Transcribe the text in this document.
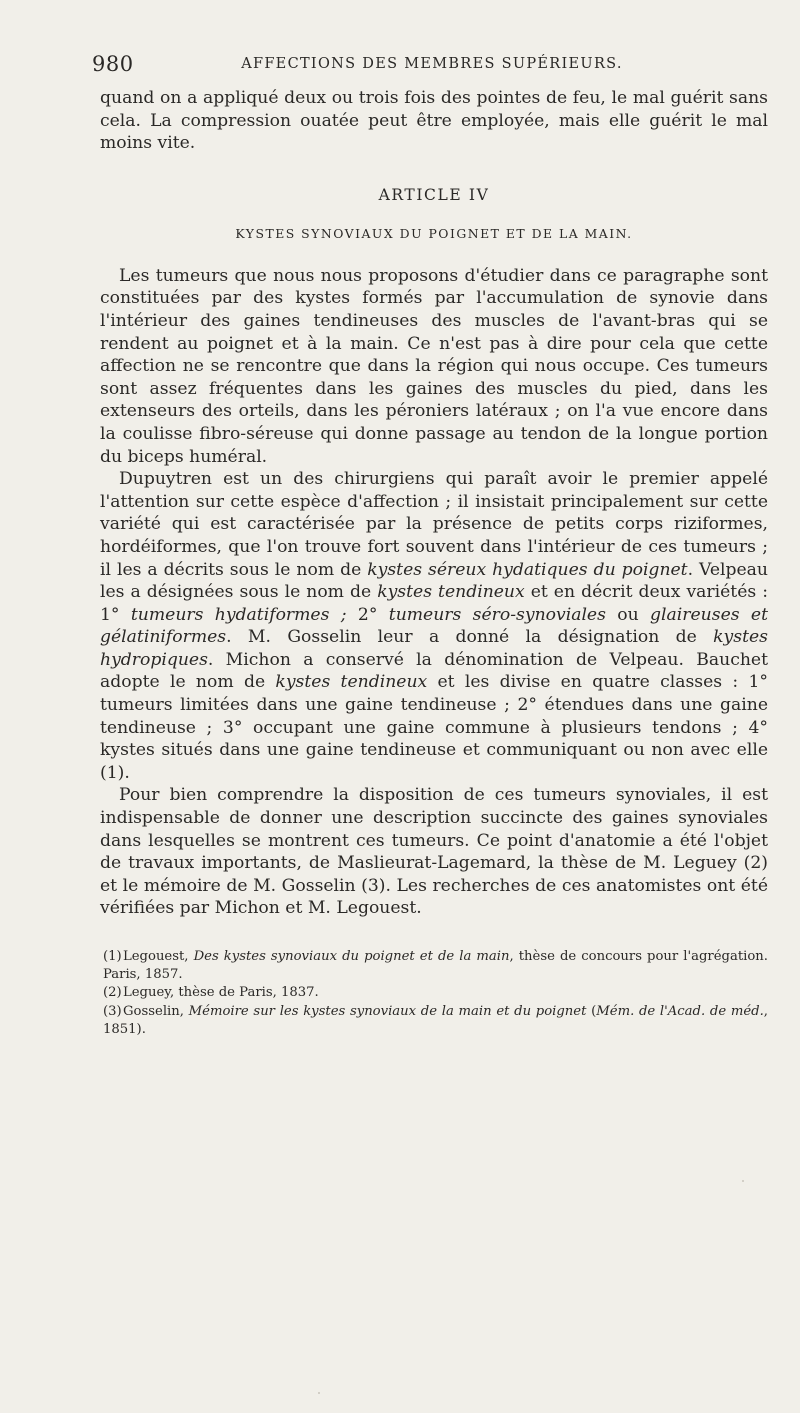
980	AFFECTIONS DES MEMBRES SUPÉRIEURS.

quand on a appliqué deux ou trois fois des pointes de feu, le mal guérit sans cela. La compression ouatée peut être employée, mais elle guérit le mal moins vite.

ARTICLE IV

KYSTES SYNOVIAUX DU POIGNET ET DE LA MAIN.

Les tumeurs que nous nous proposons d'étudier dans ce paragraphe sont constituées par des kystes formés par l'accumulation de synovie dans l'intérieur des gaines tendineuses des muscles de l'avant-bras qui se rendent au poignet et à la main. Ce n'est pas à dire pour cela que cette affection ne se rencontre que dans la région qui nous occupe. Ces tumeurs sont assez fréquentes dans les gaines des muscles du pied, dans les extenseurs des orteils, dans les péroniers latéraux ; on l'a vue encore dans la coulisse fibro-séreuse qui donne passage au tendon de la longue portion du biceps huméral.

Dupuytren est un des chirurgiens qui paraît avoir le premier appelé l'attention sur cette espèce d'affection ; il insistait principalement sur cette variété qui est caractérisée par la présence de petits corps riziformes, hordéiformes, que l'on trouve fort souvent dans l'intérieur de ces tumeurs ; il les a décrits sous le nom de kystes séreux hydatiques du poignet. Velpeau les a désignées sous le nom de kystes tendineux et en décrit deux variétés : 1° tumeurs hydatiformes ; 2° tumeurs séro-synoviales ou glaireuses et gélatiniformes. M. Gosselin leur a donné la désignation de kystes hydropiques. Michon a conservé la dénomination de Velpeau. Bauchet adopte le nom de kystes tendineux et les divise en quatre classes : 1° tumeurs limitées dans une gaine tendineuse ; 2° étendues dans une gaine tendineuse ; 3° occupant une gaine commune à plusieurs tendons ; 4° kystes situés dans une gaine tendineuse et communiquant ou non avec elle (1).

Pour bien comprendre la disposition de ces tumeurs synoviales, il est indispensable de donner une description succincte des gaines synoviales dans lesquelles se montrent ces tumeurs. Ce point d'anatomie a été l'objet de travaux importants, de Maslieurat-Lagemard, la thèse de M. Leguey (2) et le mémoire de M. Gosselin (3). Les recherches de ces anatomistes ont été vérifiées par Michon et M. Legouest.

(1)Legouest, Des kystes synoviaux du poignet et de la main, thèse de concours pour l'agrégation. Paris, 1857.

(2)Leguey, thèse de Paris, 1837.

(3)Gosselin, Mémoire sur les kystes synoviaux de la main et du poignet (Mém. de l'Acad. de méd., 1851).
